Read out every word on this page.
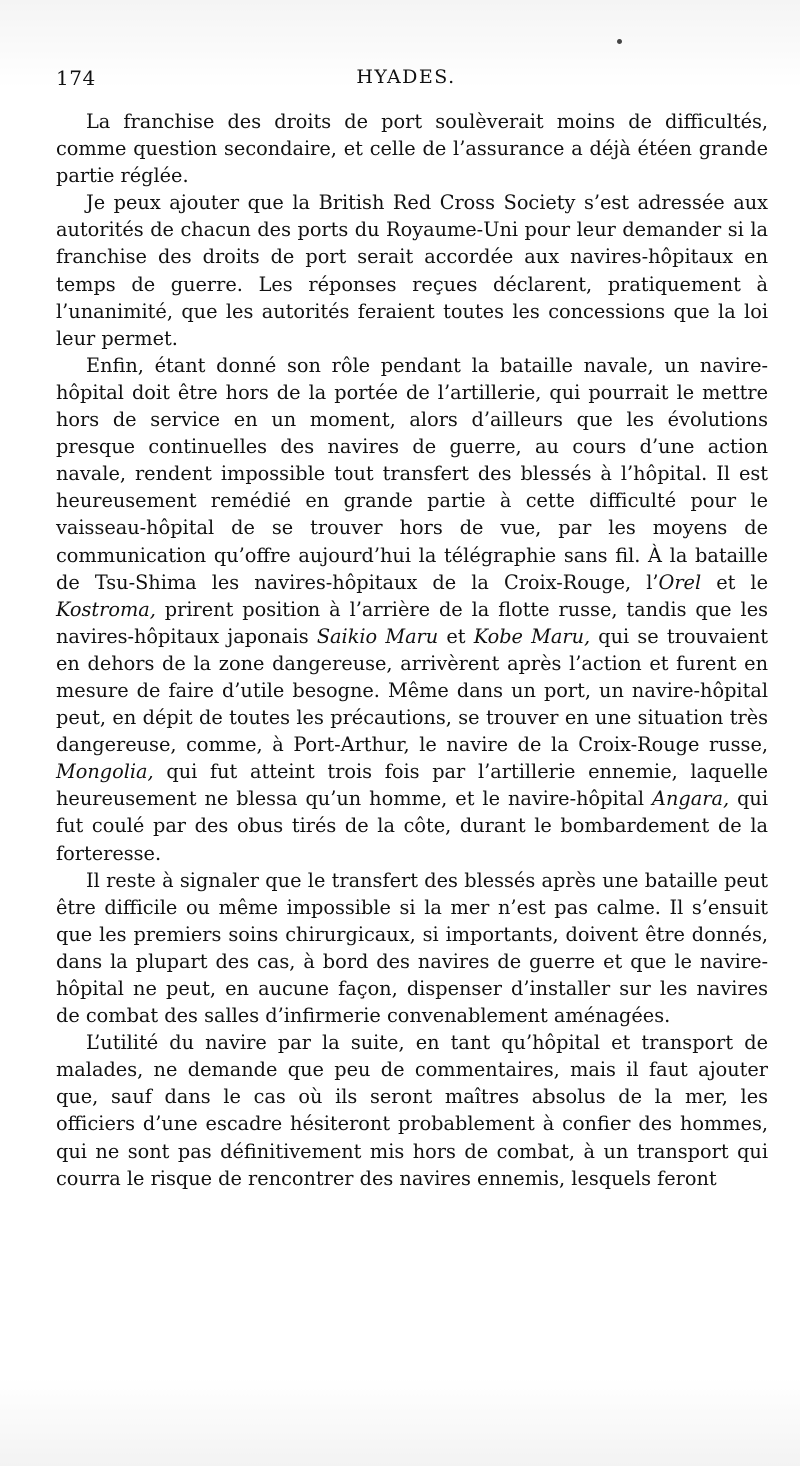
174	HYADES.

La franchise des droits de port soulèverait moins de difficultés, comme question secondaire, et celle de l’assurance a déjà étéen grande partie réglée.

Je peux ajouter que la British Red Cross Society s’est adressée aux autorités de chacun des ports du Royaume-Uni pour leur demander si la franchise des droits de port serait accordée aux navires-hôpitaux en temps de guerre. Les réponses reçues déclarent, pratiquement à l’unanimité, que les autorités feraient toutes les concessions que la loi leur permet.

Enfin, étant donné son rôle pendant la bataille navale, un navire-hôpital doit être hors de la portée de l’artillerie, qui pourrait le mettre hors de service en un moment, alors d’ailleurs que les évolutions presque continuelles des navires de guerre, au cours d’une action navale, rendent impossible tout transfert des blessés à l’hôpital. Il est heureusement remédié en grande partie à cette difficulté pour le vaisseau-hôpital de se trouver hors de vue, par les moyens de communication qu’offre aujourd’hui la télégraphie sans fil. À la bataille de Tsu-Shima les navires-hôpitaux de la Croix-Rouge, l’Orel et le Kostroma, prirent position à l’arrière de la flotte russe, tandis que les navires-hôpitaux japonais Saikio Maru et Kobe Maru, qui se trouvaient en dehors de la zone dangereuse, arrivèrent après l’action et furent en mesure de faire d’utile besogne. Même dans un port, un navire-hôpital peut, en dépit de toutes les précautions, se trouver en une situation très dangereuse, comme, à Port-Arthur, le navire de la Croix-Rouge russe, Mongolia, qui fut atteint trois fois par l’artillerie ennemie, laquelle heureusement ne blessa qu’un homme, et le navire-hôpital Angara, qui fut coulé par des obus tirés de la côte, durant le bombardement de la forteresse.

Il reste à signaler que le transfert des blessés après une bataille peut être difficile ou même impossible si la mer n’est pas calme. Il s’ensuit que les premiers soins chirurgicaux, si importants, doivent être donnés, dans la plupart des cas, à bord des navires de guerre et que le navire-hôpital ne peut, en aucune façon, dispenser d’installer sur les navires de combat des salles d’infirmerie convenablement aménagées.

L’utilité du navire par la suite, en tant qu’hôpital et transport de malades, ne demande que peu de commentaires, mais il faut ajouter que, sauf dans le cas où ils seront maîtres absolus de la mer, les officiers d’une escadre hésiteront probablement à confier des hommes, qui ne sont pas définitivement mis hors de combat, à un transport qui courra le risque de rencontrer des navires ennemis, lesquels feront
